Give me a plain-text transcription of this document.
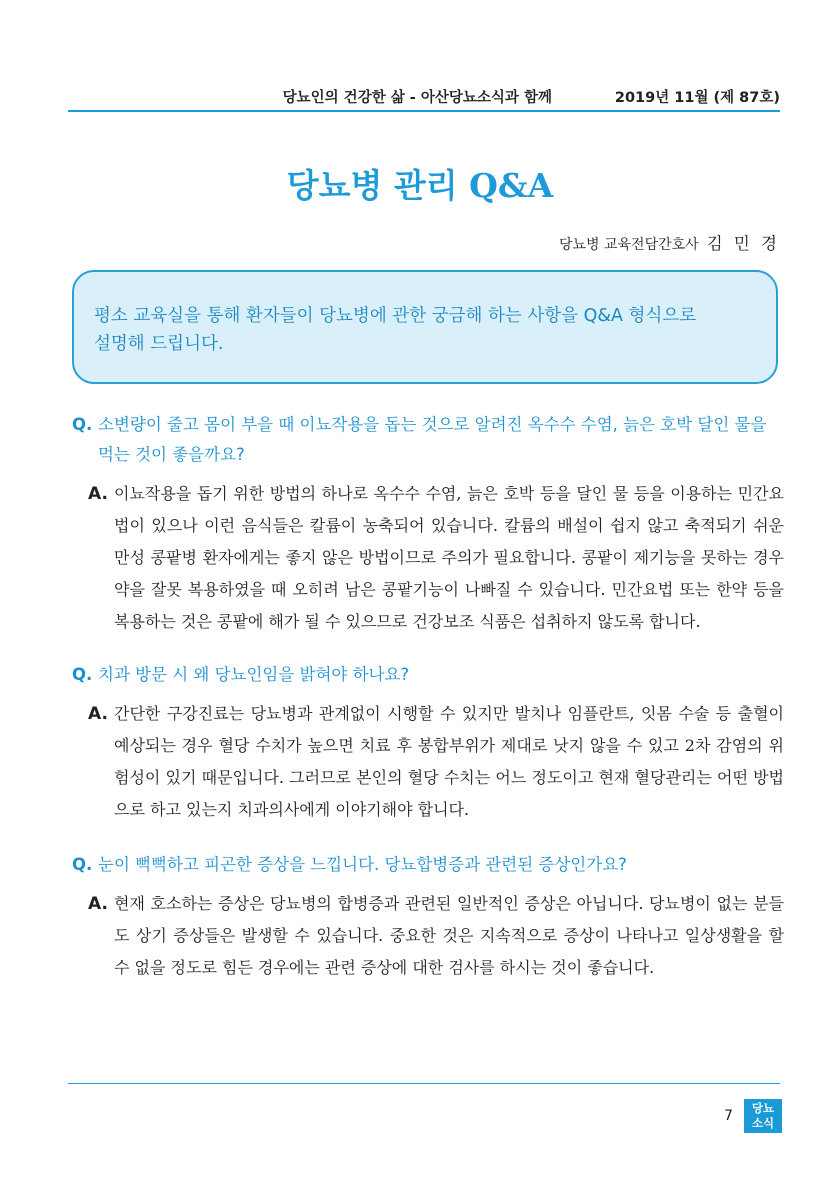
당뇨인의 건강한 삶 - 아산당뇨소식과 함께	2019년 11월 (제 87호)
당뇨병 관리 Q&A
당뇨병 교육전담간호사 김 민 경

평소 교육실을 통해 환자들이 당뇨병에 관한 궁금해 하는 사항을 Q&A 형식으로

설명해 드립니다.

Q. 소변량이 줄고 몸이 부을 때 이뇨작용을 돕는 것으로 알려진 옥수수 수염, 늙은 호박 달인 물을 먹는 것이 좋을까요?
A. 이뇨작용을 돕기 위한 방법의 하나로 옥수수 수염, 늙은 호박 등을 달인 물 등을 이용하는 민간요법이 있으나 이런 음식들은 칼륨이 농축되어 있습니다. 칼륨의 배설이 쉽지 않고 축적되기 쉬운 만성 콩팥병 환자에게는 좋지 않은 방법이므로 주의가 필요합니다. 콩팥이 제기능을 못하는 경우 약을 잘못 복용하였을 때 오히려 남은 콩팥기능이 나빠질 수 있습니다. 민간요법 또는 한약 등을 복용하는 것은 콩팥에 해가 될 수 있으므로 건강보조 식품은 섭취하지 않도록 합니다.
Q. 치과 방문 시 왜 당뇨인임을 밝혀야 하나요?
A. 간단한 구강진료는 당뇨병과 관계없이 시행할 수 있지만 발치나 임플란트, 잇몸 수술 등 출혈이 예상되는 경우 혈당 수치가 높으면 치료 후 봉합부위가 제대로 낫지 않을 수 있고 2차 감염의 위험성이 있기 때문입니다. 그러므로 본인의 혈당 수치는 어느 정도이고 현재 혈당관리는 어떤 방법으로 하고 있는지 치과의사에게 이야기해야 합니다.
Q. 눈이 뻑뻑하고 피곤한 증상을 느낍니다. 당뇨합병증과 관련된 증상인가요?
A. 현재 호소하는 증상은 당뇨병의 합병증과 관련된 일반적인 증상은 아닙니다. 당뇨병이 없는 분들도 상기 증상들은 발생할 수 있습니다. 중요한 것은 지속적으로 증상이 나타나고 일상생활을 할 수 없을 정도로 힘든 경우에는 관련 증상에 대한 검사를 하시는 것이 좋습니다.
7	당뇨
소식
